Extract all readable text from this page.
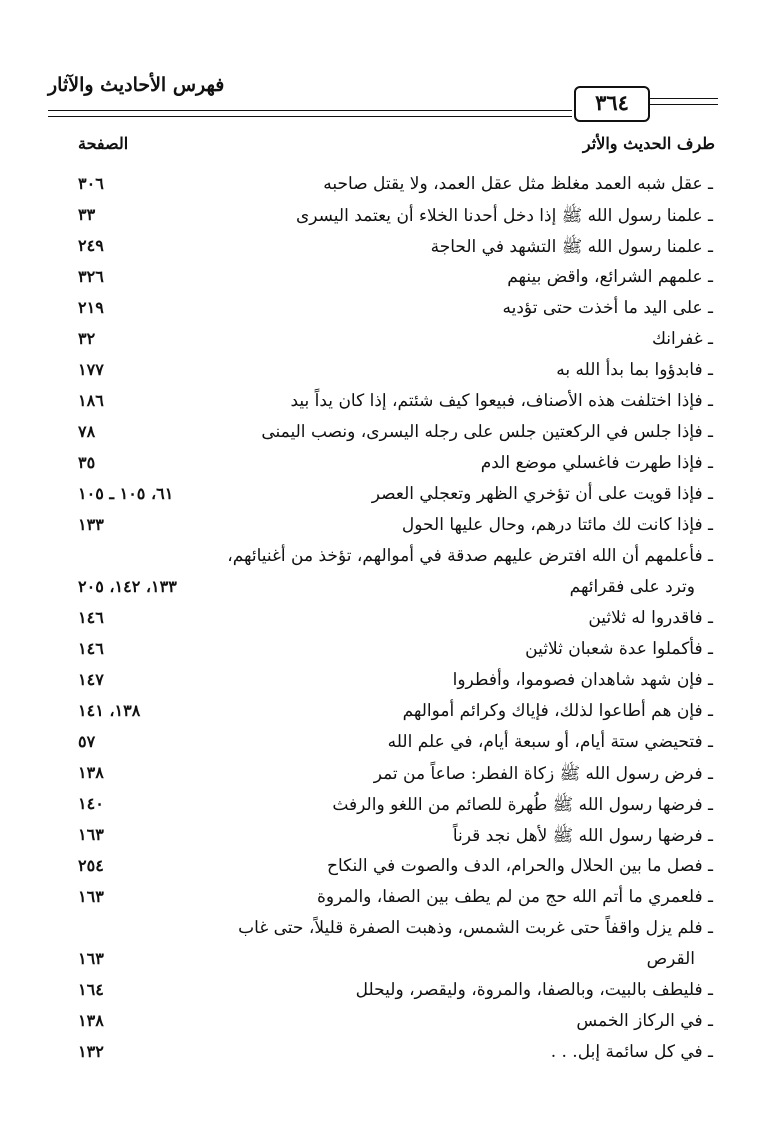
فهرس الأحاديث والآثار
٣٦٤
طرف الحديث والأثر
الصفحة
ـ عقل شبه العمد مغلظ مثل عقل العمد، ولا يقتل صاحبه
٣٠٦
ـ علمنا رسول الله ﷺ إذا دخل أحدنا الخلاء أن يعتمد اليسرى
٣٣
ـ علمنا رسول الله ﷺ التشهد في الحاجة
٢٤٩
ـ علمهم الشرائع، واقض بينهم
٣٢٦
ـ على اليد ما أخذت حتى تؤديه
٢١٩
ـ غفرانك
٣٢
ـ فابدؤوا بما بدأ الله به
١٧٧
ـ فإذا اختلفت هذه الأصناف، فبيعوا كيف شئتم، إذا كان يداً بيد
١٨٦
ـ فإذا جلس في الركعتين جلس على رجله اليسرى، ونصب اليمنى
٧٨
ـ فإذا طهرت فاغسلي موضع الدم
٣٥
ـ فإذا قويت على أن تؤخري الظهر وتعجلي العصر
٦١، ١٠٥ ـ ١٠٥
ـ فإذا كانت لك مائتا درهم، وحال عليها الحول
١٣٣
ـ فأعلمهم أن الله افترض عليهم صدقة في أموالهم، تؤخذ من أغنيائهم،
وترد على فقرائهم
١٣٣، ١٤٢، ٢٠٥
ـ فاقدروا له ثلاثين
١٤٦
ـ فأكملوا عدة شعبان ثلاثين
١٤٦
ـ فإن شهد شاهدان فصوموا، وأفطروا
١٤٧
ـ فإن هم أطاعوا لذلك، فإياك وكرائم أموالهم
١٣٨، ١٤١
ـ فتحيضي ستة أيام، أو سبعة أيام، في علم الله
٥٧
ـ فرض رسول الله ﷺ زكاة الفطر: صاعاً من تمر
١٣٨
ـ فرضها رسول الله ﷺ طُهرة للصائم من اللغو والرفث
١٤٠
ـ فرضها رسول الله ﷺ لأهل نجد قرناً
١٦٣
ـ فصل ما بين الحلال والحرام، الدف والصوت في النكاح
٢٥٤
ـ فلعمري ما أتم الله حج من لم يطف بين الصفا، والمروة
١٦٣
ـ فلم يزل واقفاً حتى غربت الشمس، وذهبت الصفرة قليلاً، حتى غاب
القرص
١٦٣
ـ فليطف بالبيت، وبالصفا، والمروة، وليقصر، وليحلل
١٦٤
ـ في الركاز الخمس
١٣٨
ـ في كل سائمة إبل. . .
١٣٢
